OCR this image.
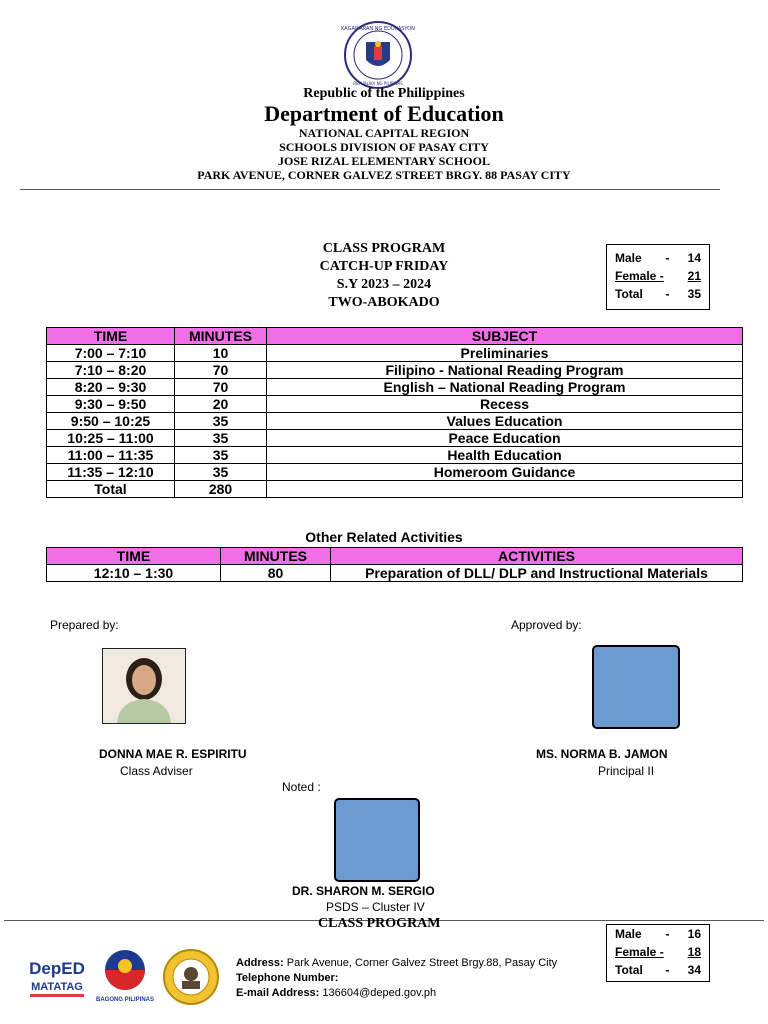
KAGAWARAN NG EDUKASYON
REPUBLIKA NG PILIPINAS
Republic of the Philippines
Department of Education
NATIONAL CAPITAL REGION
SCHOOLS DIVISION OF PASAY CITY
JOSE RIZAL ELEMENTARY SCHOOL
PARK AVENUE, CORNER GALVEZ STREET BRGY. 88 PASAY CITY
CLASS PROGRAM
CATCH-UP FRIDAY
S.Y 2023 – 2024
TWO-ABOKADO
Male	-	14
Female -	21
Total	-	35
TIME	MINUTES	SUBJECT
7:00 – 7:10	10	Preliminaries
7:10 – 8:20	70	Filipino - National Reading Program
8:20 – 9:30	70	English – National Reading Program
9:30 – 9:50	20	Recess
9:50 – 10:25	35	Values Education
10:25 – 11:00	35	Peace Education
11:00 – 11:35	35	Health Education
11:35 – 12:10	35	Homeroom Guidance
Total	280	
Other Related Activities
TIME	MINUTES	ACTIVITIES
12:10 – 1:30	80	Preparation of DLL/ DLP and Instructional Materials
Prepared by:	Approved by:
DONNA MAE R. ESPIRITU
Class Adviser
MS. NORMA B. JAMON
Principal II
Noted :
DR. SHARON M. SERGIO
PSDS – Cluster IV
CLASS PROGRAM
Male	-	16
Female -	18
Total	-	34
DepED
MATATAG
BAGONG PILIPINAS
Address: Park Avenue, Corner Galvez Street Brgy.88, Pasay City
Telephone Number:
E-mail Address: 136604@deped.gov.ph
